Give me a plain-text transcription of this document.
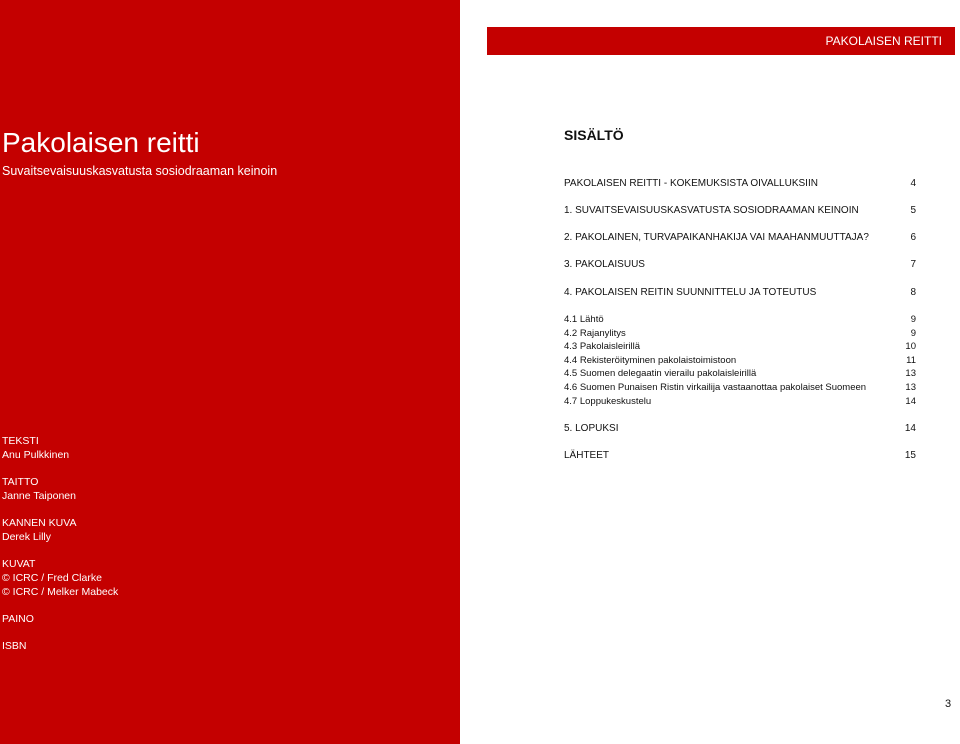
Pakolaisen reitti

Suvaitsevaisuuskasvatusta sosiodraaman keinoin

TEKSTI
Anu Pulkkinen
TAITTO
Janne Taiponen
KANNEN KUVA
Derek Lilly
KUVAT
© ICRC / Fred Clarke
© ICRC / Melker Mabeck
PAINO
ISBN
PAKOLAISEN REITTI
SISÄLTÖ
PAKOLAISEN REITTI - KOKEMUKSISTA OIVALLUKSIIN	4
1. SUVAITSEVAISUUSKASVATUSTA SOSIODRAAMAN KEINOIN	5
2. PAKOLAINEN, TURVAPAIKANHAKIJA VAI MAAHANMUUTTAJA?	6
3. PAKOLAISUUS	7
4. PAKOLAISEN REITIN SUUNNITTELU JA TOTEUTUS	8
4.1 Lähtö	9
4.2 Rajanylitys	9
4.3 Pakolaisleirillä	10
4.4 Rekisteröityminen pakolaistoimistoon	11
4.5 Suomen delegaatin vierailu pakolaisleirillä	13
4.6 Suomen Punaisen Ristin virkailija vastaanottaa pakolaiset Suomeen	13
4.7 Loppukeskustelu	14
5. LOPUKSI	14
LÄHTEET	15
3
